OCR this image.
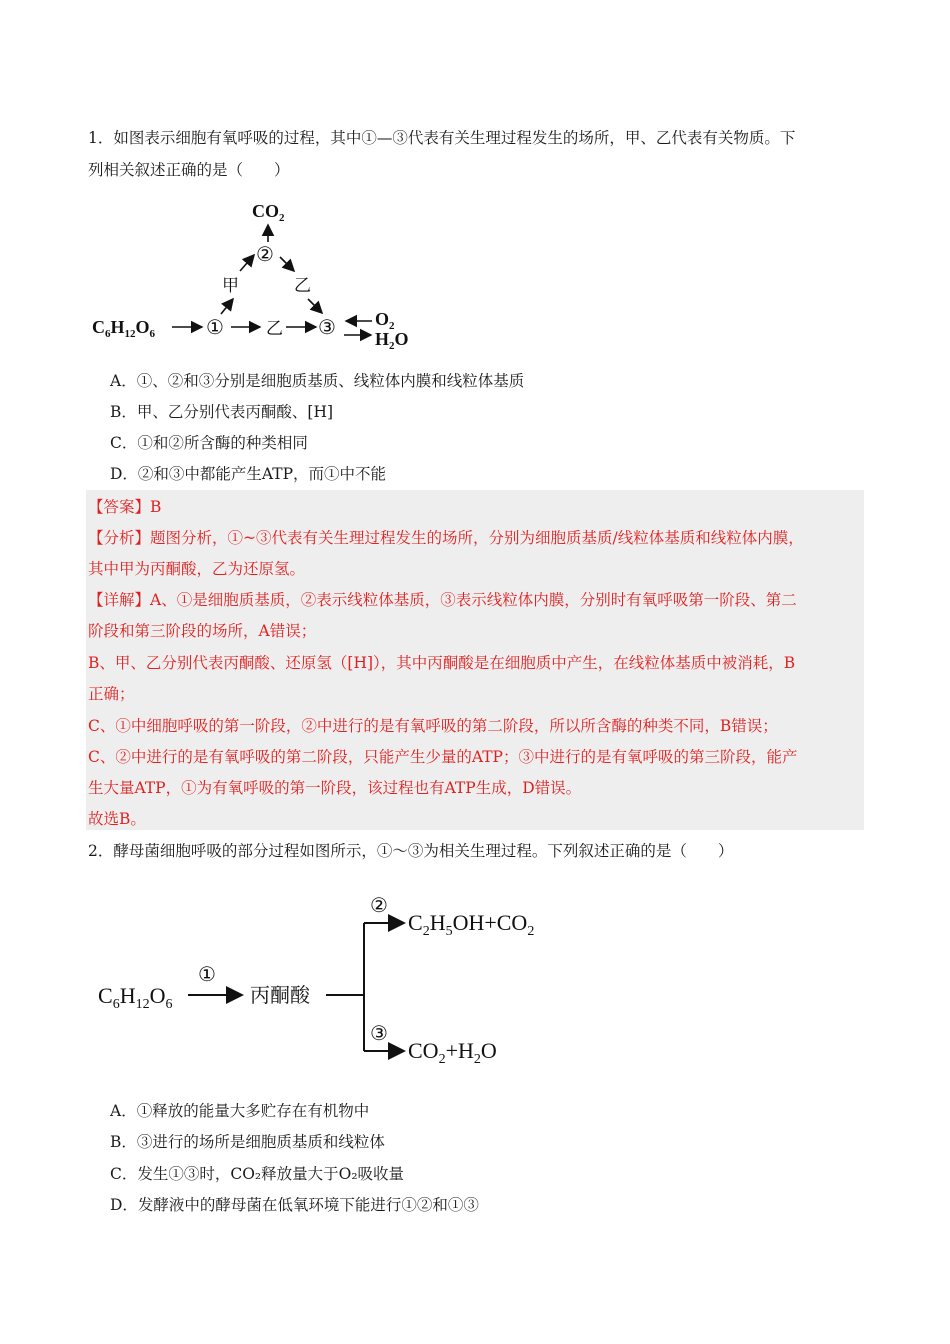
1．如图表示细胞有氧呼吸的过程，其中①—③代表有关生理过程发生的场所，甲、乙代表有关物质。下
列相关叙述正确的是（　　）
$CO_2$
②
甲	乙
$C_6H_{12}O_6$	① 乙 ③ $O_2$
$H_2O$
A．①、②和③分别是细胞质基质、线粒体内膜和线粒体基质
B．甲、乙分别代表丙酮酸、[H]
C．①和②所含酶的种类相同
D．②和③中都能产生ATP，而①中不能
【答案】B
【分析】题图分析，①~③代表有关生理过程发生的场所，分别为细胞质基质/线粒体基质和线粒体内膜，
其中甲为丙酮酸，乙为还原氢。
【详解】A、①是细胞质基质，②表示线粒体基质，③表示线粒体内膜，分别时有氧呼吸第一阶段、第二
阶段和第三阶段的场所，A错误；
B、甲、乙分别代表丙酮酸、还原氢（[H]），其中丙酮酸是在细胞质中产生，在线粒体基质中被消耗，B
正确；
C、①中细胞呼吸的第一阶段，②中进行的是有氧呼吸的第二阶段，所以所含酶的种类不同，B错误；
C、②中进行的是有氧呼吸的第二阶段，只能产生少量的ATP；③中进行的是有氧呼吸的第三阶段，能产
生大量ATP，①为有氧呼吸的第一阶段，该过程也有ATP生成，D错误。
故选B。
2．酵母菌细胞呼吸的部分过程如图所示，①～③为相关生理过程。下列叙述正确的是（　　）
$C_6H_{12}O_6$
①
丙酮酸
②
$C_2H_5OH+CO_2$
③
$CO_2+H_2O$
A．①释放的能量大多贮存在有机物中
B．③进行的场所是细胞质基质和线粒体
C．发生①③时，CO₂释放量大于O₂吸收量
D．发酵液中的酵母菌在低氧环境下能进行①②和①③
